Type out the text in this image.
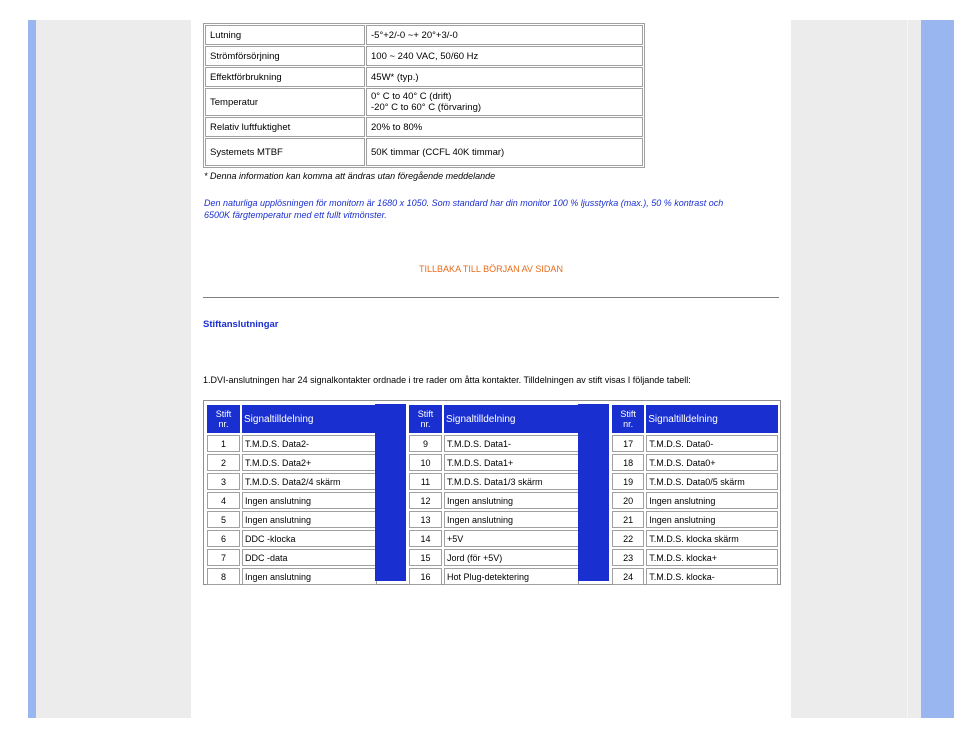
Lutning	-5°+2/-0 ~+ 20°+3/-0
Strömförsörjning	100 ~ 240 VAC, 50/60 Hz
Effektförbrukning	45W* (typ.)
Temperatur	0° C to 40° C (drift)
-20° C to 60° C (förvaring)

Relativ luftfuktighet	20% to 80%
Systemets MTBF	50K timmar (CCFL 40K timmar)
* Denna information kan komma att ändras utan föregående meddelande
Den naturliga upplösningen för monitorn är 1680 x 1050. Som standard har din monitor 100 % ljusstyrka (max.), 50 % kontrast och 6500K färgtemperatur med ett fullt vitmönster.
TILLBAKA TILL BÖRJAN AV SIDAN
Stiftanslutningar
1.DVI-anslutningen har 24 signalkontakter ordnade i tre rader om åtta kontakter. Tilldelningen av stift visas I följande tabell:
Stift
nr.	Signaltilldelning
1	T.M.D.S. Data2-
2	T.M.D.S. Data2+
3	T.M.D.S. Data2/4 skärm
4	Ingen anslutning
5	Ingen anslutning
6	DDC -klocka
7	DDC -data
8	Ingen anslutning
Stift
nr.	Signaltilldelning
9	T.M.D.S. Data1-
10	T.M.D.S. Data1+
11	T.M.D.S. Data1/3 skärm
12	Ingen anslutning
13	Ingen anslutning
14	+5V
15	Jord (för +5V)
16	Hot Plug-detektering
Stift
nr.	Signaltilldelning
17	T.M.D.S. Data0-
18	T.M.D.S. Data0+
19	T.M.D.S. Data0/5 skärm
20	Ingen anslutning
21	Ingen anslutning
22	T.M.D.S. klocka skärm
23	T.M.D.S. klocka+
24	T.M.D.S. klocka-
